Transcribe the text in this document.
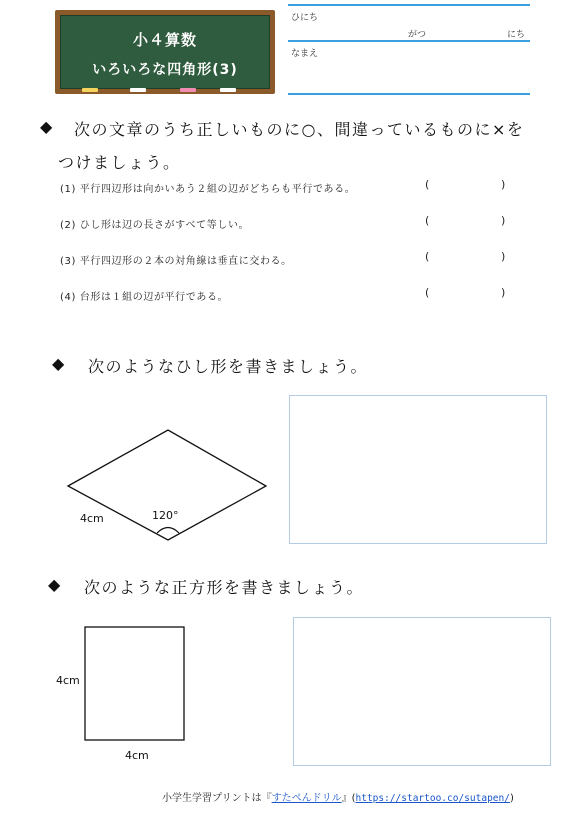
小４算数
いろいろな四角形(3)
ひにち
がつ	にち
なまえ
◆ 次の文章のうち正しいものに○、間違っているものに×を
つけましょう。
(1) 平行四辺形は向かいあう２組の辺がどちらも平行である。	(	)
(2) ひし形は辺の長さがすべて等しい。	(	)
(3) 平行四辺形の２本の対角線は垂直に交わる。	(	)
(4) 台形は１組の辺が平行である。	(	)
◆ 次のようなひし形を書きましょう。
4cm	120°
4cm
4cm
◆ 次のような正方形を書きましょう。
小学生学習プリントは『すたぺんドリル』(https://startoo.co/sutapen/)
